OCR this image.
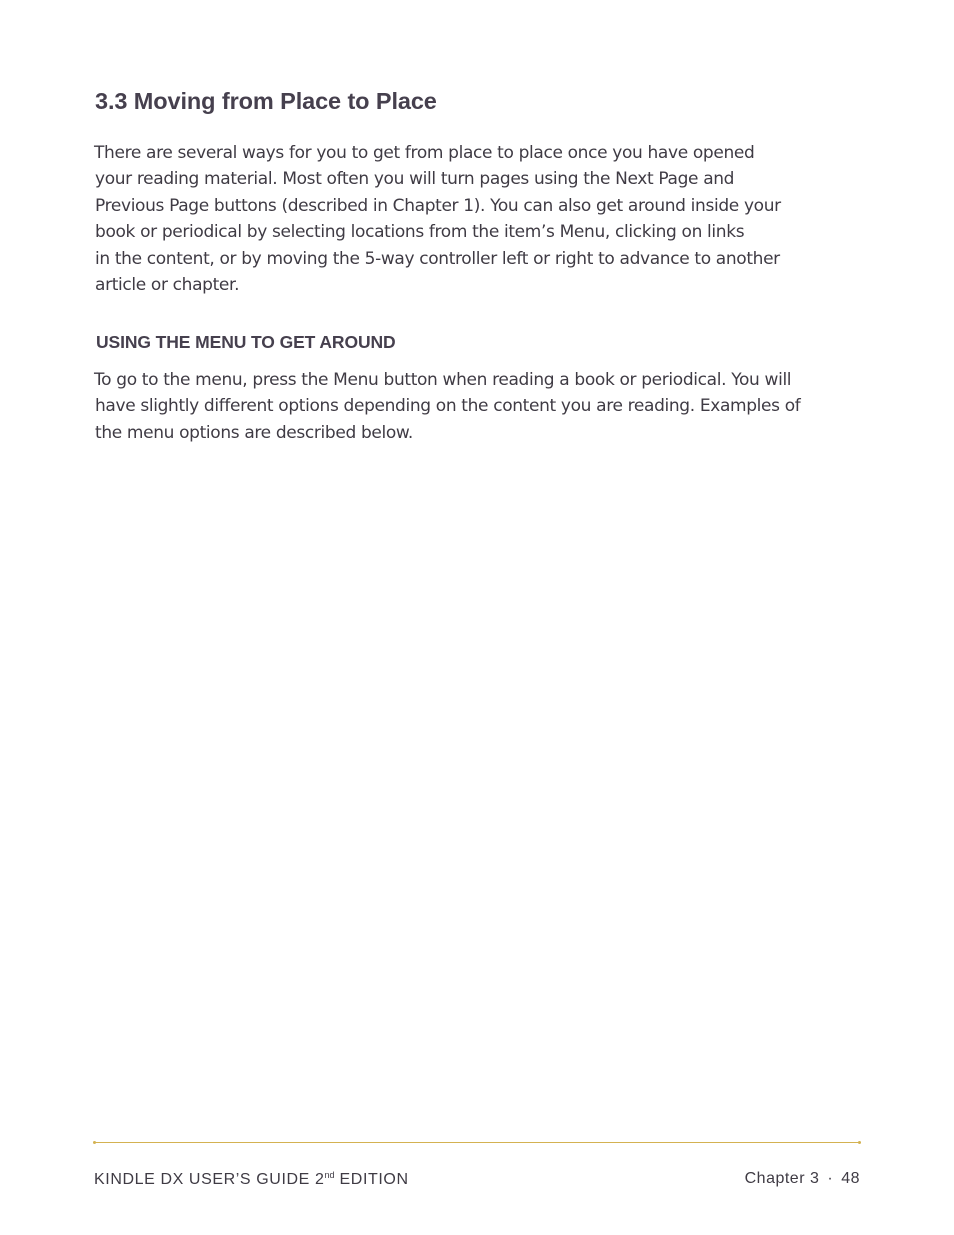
3.3 Moving from Place to Place
There are several ways for you to get from place to place once you have opened
your reading material. Most often you will turn pages using the Next Page and
Previous Page buttons (described in Chapter 1). You can also get around inside your
book or periodical by selecting locations from the item’s Menu, clicking on links
in the content, or by moving the 5-way controller left or right to advance to another
article or chapter.
USING THE MENU TO GET AROUND
To go to the menu, press the Menu button when reading a book or periodical. You will
have slightly different options depending on the content you are reading. Examples of
the menu options are described below.
KINDLE DX USER’S GUIDE 2nd EDITION	Chapter 3 · 48
